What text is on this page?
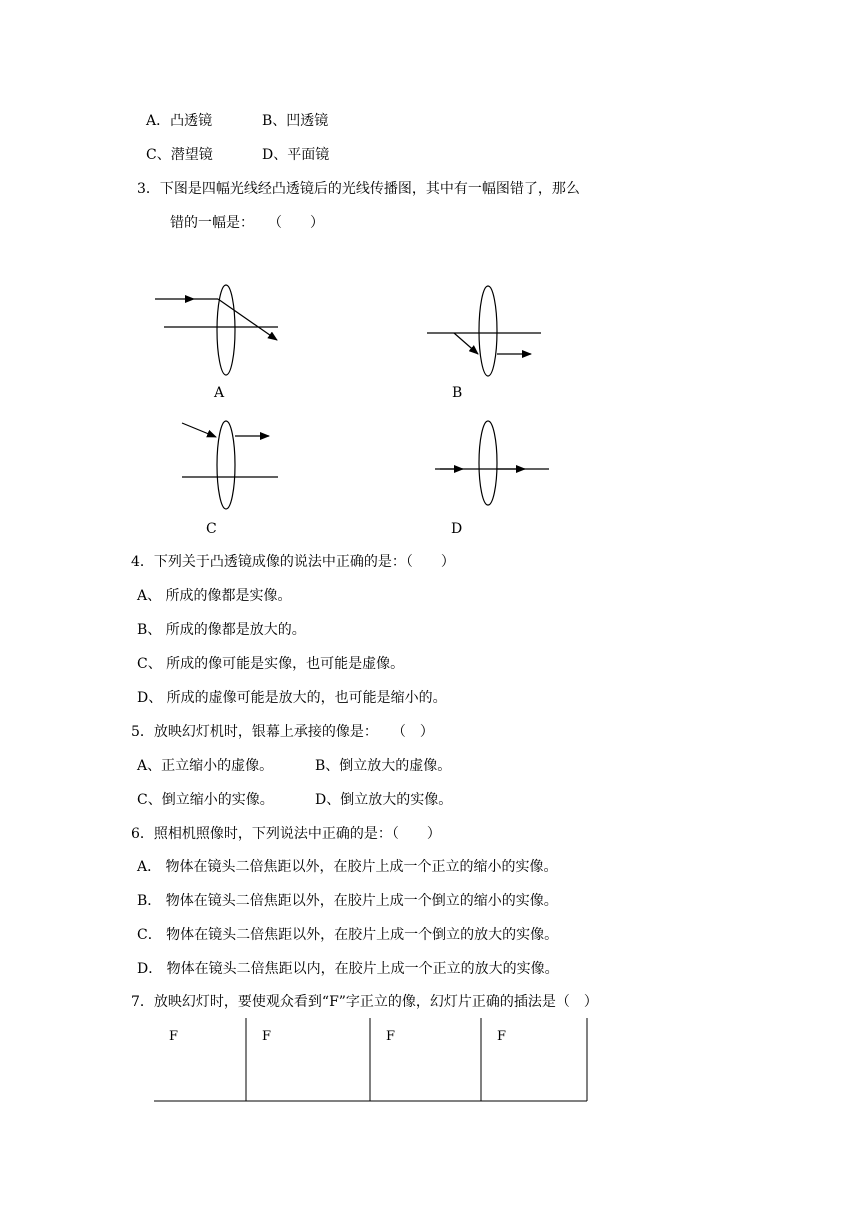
A．凸透镜	B、凹透镜
C、潜望镜	D、平面镜
3．下图是四幅光线经凸透镜后的光线传播图，其中有一幅图错了，那么
错的一幅是：　　（　　）
A	B
C	D
4．下列关于凸透镜成像的说法中正确的是：（　　）
A、 所成的像都是实像。
B、 所成的像都是放大的。
C、 所成的像可能是实像，也可能是虚像。
D、 所成的虚像可能是放大的，也可能是缩小的。
5．放映幻灯机时，银幕上承接的像是：　　（　）
A、正立缩小的虚像。	B、倒立放大的虚像。
C、倒立缩小的实像。	D、倒立放大的实像。
6．照相机照像时，下列说法中正确的是：（　　）
A． 物体在镜头二倍焦距以外，在胶片上成一个正立的缩小的实像。
B． 物体在镜头二倍焦距以外，在胶片上成一个倒立的缩小的实像。
C． 物体在镜头二倍焦距以外，在胶片上成一个倒立的放大的实像。
D． 物体在镜头二倍焦距以内，在胶片上成一个正立的放大的实像。
7．放映幻灯时，要使观众看到“F”字正立的像，幻灯片正确的插法是（　）
F	F	F	F
